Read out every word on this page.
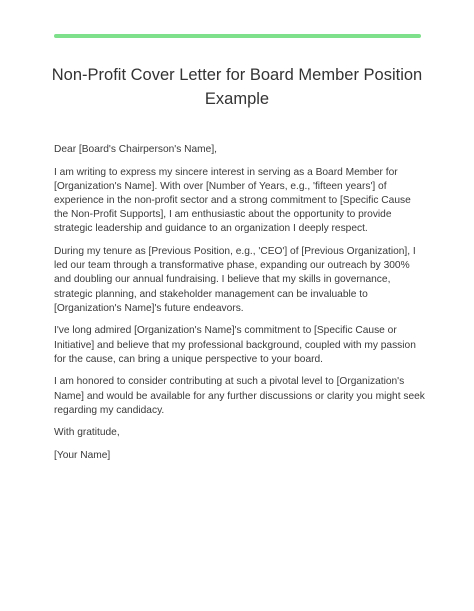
Non-Profit Cover Letter for Board Member Position Example

Dear [Board's Chairperson's Name],

I am writing to express my sincere interest in serving as a Board Member for [Organization's Name]. With over [Number of Years, e.g., 'fifteen years'] of experience in the non-profit sector and a strong commitment to [Specific Cause the Non-Profit Supports], I am enthusiastic about the opportunity to provide strategic leadership and guidance to an organization I deeply respect.

During my tenure as [Previous Position, e.g., 'CEO'] of [Previous Organization], I led our team through a transformative phase, expanding our outreach by 300% and doubling our annual fundraising. I believe that my skills in governance, strategic planning, and stakeholder management can be invaluable to [Organization's Name]'s future endeavors.

I've long admired [Organization's Name]'s commitment to [Specific Cause or Initiative] and believe that my professional background, coupled with my passion for the cause, can bring a unique perspective to your board.

I am honored to consider contributing at such a pivotal level to [Organization's Name] and would be available for any further discussions or clarity you might seek regarding my candidacy.

With gratitude,

[Your Name]
